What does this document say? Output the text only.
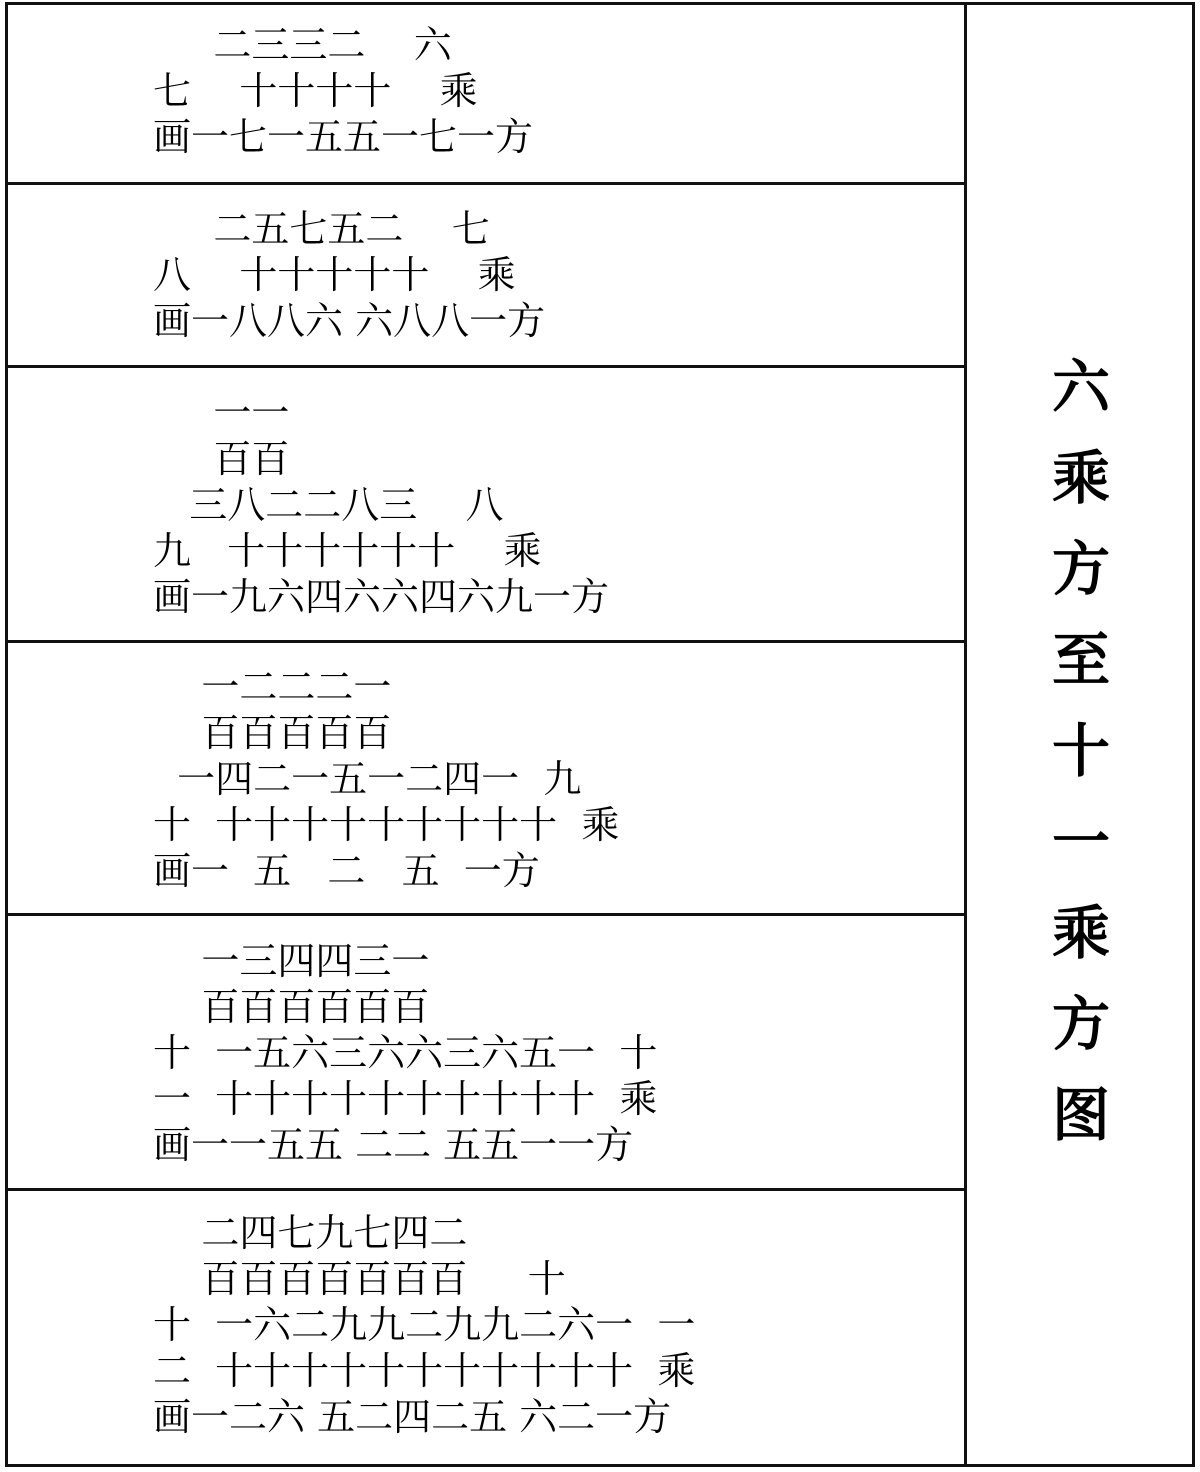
二三三二    六
七    十十十十    乘
画一七一五五一七一方
二五七五二    七
八    十十十十十    乘
画一八八六 六八八一方
一一
百百
三八二二八三    八
九   十十十十十十    乘
画一九六四六六四六九一方
一二二二一
百百百百百
一四二一五一二四一  九
十  十十十十十十十十十  乘
画一  五   二   五  一方
一三四四三一
百百百百百百
十  一五六三六六三六五一  十
一  十十十十十十十十十十  乘
画一一五五 二二 五五一一方
二四七九七四二
百百百百百百百     十
十  一六二九九二九九二六一  一
二  十十十十十十十十十十十  乘
画一二六 五二四二五 六二一方
六
乘
方
至
十
一
乘
方
图
